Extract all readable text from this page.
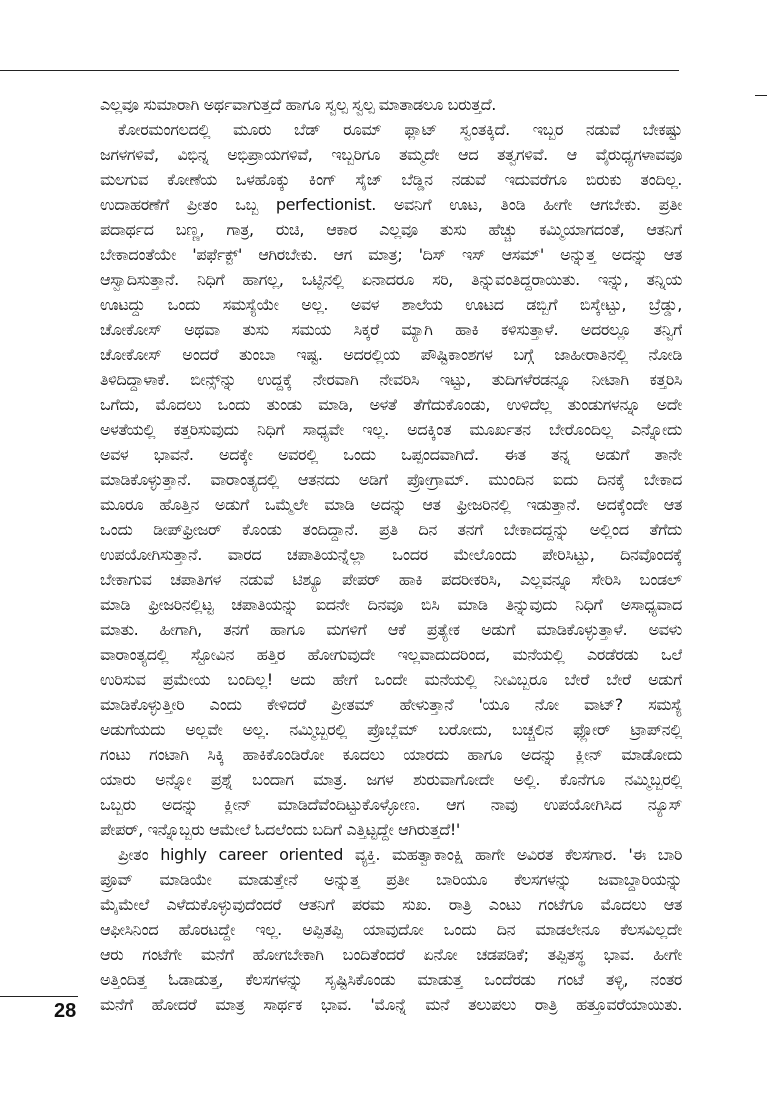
ಎಲ್ಲವೂ ಸುಮಾರಾಗಿ ಅರ್ಥವಾಗುತ್ತದೆ ಹಾಗೂ ಸ್ವಲ್ಪ ಸ್ವಲ್ಪ ಮಾತಾಡಲೂ ಬರುತ್ತದೆ.
ಕೋರಮಂಗಲದಲ್ಲಿ ಮೂರು ಬೆಡ್ ರೂಮ್ ಫ್ಲಾಟ್ ಸ್ವಂತಕ್ಕಿದೆ. ಇಬ್ಬರ ನಡುವೆ ಬೇಕಷ್ಟು
ಜಗಳಗಳಿವೆ, ವಿಭಿನ್ನ ಅಭಿಪ್ರಾಯಗಳಿವೆ, ಇಬ್ಬರಿಗೂ ತಮ್ಮದೇ ಆದ ತತ್ವಗಳಿವೆ. ಆ ವೈರುಧ್ಯಗಳಾವವೂ
ಮಲಗುವ ಕೋಣೆಯ ಒಳಹೊಕ್ಕು ಕಿಂಗ್ ಸೈಜ್ ಬೆಡ್ಡಿನ ನಡುವೆ ಇದುವರೆಗೂ ಬಿರುಕು ತಂದಿಲ್ಲ.
ಉದಾಹರಣೆಗೆ ಪ್ರೀತಂ ಒಬ್ಬ perfectionist. ಅವನಿಗೆ ಊಟ, ತಿಂಡಿ ಹೀಗೇ ಆಗಬೇಕು. ಪ್ರತೀ
ಪದಾರ್ಥದ ಬಣ್ಣ, ಗಾತ್ರ, ರುಚಿ, ಆಕಾರ ಎಲ್ಲವೂ ತುಸು ಹೆಚ್ಚು ಕಮ್ಮಿಯಾಗದಂತೆ, ಆತನಿಗೆ
ಬೇಕಾದಂತೆಯೇ 'ಪರ್ಫೆಕ್ಟ್' ಆಗಿರಬೇಕು. ಆಗ ಮಾತ್ರ; 'ದಿಸ್ ಇಸ್ ಆಸಮ್' ಅನ್ನುತ್ತ ಅದನ್ನು ಆತ
ಆಸ್ವಾದಿಸುತ್ತಾನೆ. ನಿಧಿಗೆ ಹಾಗಲ್ಲ, ಒಟ್ಟಿನಲ್ಲಿ ಏನಾದರೂ ಸರಿ, ತಿನ್ನುವಂತಿದ್ದರಾಯಿತು. ಇನ್ನು, ತನ್ನಿಯ
ಊಟದ್ದು ಒಂದು ಸಮಸ್ಯೆಯೇ ಅಲ್ಲ. ಅವಳ ಶಾಲೆಯ ಊಟದ ಡಬ್ಬಿಗೆ ಬಿಸ್ಕೇಟ್ಟು, ಬ್ರೆಡ್ಡು,
ಚೋಕೋಸ್ ಅಥವಾ ತುಸು ಸಮಯ ಸಿಕ್ಕರೆ ಮ್ಯಾಗಿ ಹಾಕಿ ಕಳಿಸುತ್ತಾಳೆ. ಅದರಲ್ಲೂ ತನ್ವಿಗೆ
ಚೋಕೋಸ್ ಅಂದರೆ ತುಂಬಾ ಇಷ್ಟ. ಅದರಲ್ಲಿಯ ಪೌಷ್ಟಿಕಾಂಶಗಳ ಬಗ್ಗೆ ಜಾಹೀರಾತಿನಲ್ಲಿ ನೋಡಿ
ತಿಳಿದಿದ್ದಾಳಾಕೆ. ಬೀನ್ಸ್‌ನ್ನು ಉದ್ದಕ್ಕೆ ನೇರವಾಗಿ ನೇವರಿಸಿ ಇಟ್ಟು, ತುದಿಗಳೆರಡನ್ನೂ ನೀಟಾಗಿ ಕತ್ತರಿಸಿ
ಒಗೆದು, ಮೊದಲು ಒಂದು ತುಂಡು ಮಾಡಿ, ಅಳತೆ ತೆಗೆದುಕೊಂಡು, ಉಳಿದೆಲ್ಲ ತುಂಡುಗಳನ್ನೂ ಅದೇ
ಅಳತೆಯಲ್ಲಿ ಕತ್ತರಿಸುವುದು ನಿಧಿಗೆ ಸಾಧ್ಯವೇ ಇಲ್ಲ. ಅದಕ್ಕಿಂತ ಮೂರ್ಖತನ ಬೇರೊಂದಿಲ್ಲ ಎನ್ನೋದು
ಅವಳ ಭಾವನೆ. ಅದಕ್ಕೇ ಅವರಲ್ಲಿ ಒಂದು ಒಪ್ಪಂದವಾಗಿದೆ. ಈತ ತನ್ನ ಅಡುಗೆ ತಾನೇ
ಮಾಡಿಕೊಳ್ಳುತ್ತಾನೆ. ವಾರಾಂತ್ಯದಲ್ಲಿ ಆತನದು ಅಡಿಗೆ ಪ್ರೋಗ್ರಾಮ್. ಮುಂದಿನ ಐದು ದಿನಕ್ಕೆ ಬೇಕಾದ
ಮೂರೂ ಹೊತ್ತಿನ ಅಡುಗೆ ಒಮ್ಮೆಲೇ ಮಾಡಿ ಅದನ್ನು ಆತ ಫ್ರೀಜರಿನಲ್ಲಿ ಇಡುತ್ತಾನೆ. ಅದಕ್ಕೆಂದೇ ಆತ
ಒಂದು ಡೀಪ್‌ಫ್ರೀಜರ್ ಕೊಂಡು ತಂದಿದ್ದಾನೆ. ಪ್ರತಿ ದಿನ ತನಗೆ ಬೇಕಾದದ್ದನ್ನು ಅಲ್ಲಿಂದ ತೆಗೆದು
ಉಪಯೋಗಿಸುತ್ತಾನೆ. ವಾರದ ಚಪಾತಿಯನ್ನೆಲ್ಲಾ ಒಂದರ ಮೇಲೊಂದು ಪೇರಿಸಿಟ್ಟು, ದಿನವೊಂದಕ್ಕೆ
ಬೇಕಾಗುವ ಚಪಾತಿಗಳ ನಡುವೆ ಟಿಶ್ಯೂ ಪೇಪರ್ ಹಾಕಿ ಪದರೀಕರಿಸಿ, ಎಲ್ಲವನ್ನೂ ಸೇರಿಸಿ ಬಂಡಲ್
ಮಾಡಿ ಫ್ರೀಜರಿನಲ್ಲಿಟ್ಟ ಚಪಾತಿಯನ್ನು ಐದನೇ ದಿನವೂ ಬಿಸಿ ಮಾಡಿ ತಿನ್ನುವುದು ನಿಧಿಗೆ ಅಸಾಧ್ಯವಾದ
ಮಾತು. ಹೀಗಾಗಿ, ತನಗೆ ಹಾಗೂ ಮಗಳಿಗೆ ಆಕೆ ಪ್ರತ್ಯೇಕ ಅಡುಗೆ ಮಾಡಿಕೊಳ್ಳುತ್ತಾಳೆ. ಅವಳು
ವಾರಾಂತ್ಯದಲ್ಲಿ ಸ್ಟೋವಿನ ಹತ್ತಿರ ಹೋಗುವುದೇ ಇಲ್ಲವಾದುದರಿಂದ, ಮನೆಯಲ್ಲಿ ಎರಡೆರಡು ಒಲೆ
ಉರಿಸುವ ಪ್ರಮೇಯ ಬಂದಿಲ್ಲ! ಅದು ಹೇಗೆ ಒಂದೇ ಮನೆಯಲ್ಲಿ ನೀವಿಬ್ಬರೂ ಬೇರೆ ಬೇರೆ ಅಡುಗೆ
ಮಾಡಿಕೊಳ್ಳುತ್ತೀರಿ ಎಂದು ಕೇಳಿದರೆ ಪ್ರೀತಮ್ ಹೇಳುತ್ತಾನೆ 'ಯೂ ನೋ ವಾಟ್? ಸಮಸ್ಯೆ
ಅಡುಗೆಯದು ಅಲ್ಲವೇ ಅಲ್ಲ. ನಮ್ಮಿಬ್ಬರಲ್ಲಿ ಪ್ರೊಬ್ಲೆಮ್ ಬರೋದು, ಬಚ್ಚಲಿನ ಫ್ಲೋರ್ ಟ್ರಾಪ್‌ನಲ್ಲಿ
ಗಂಟು ಗಂಟಾಗಿ ಸಿಕ್ಕಿ ಹಾಕಿಕೊಂಡಿರೋ ಕೂದಲು ಯಾರದು ಹಾಗೂ ಅದನ್ನು ಕ್ಲೀನ್ ಮಾಡೋದು
ಯಾರು ಅನ್ನೋ ಪ್ರಶ್ನೆ ಬಂದಾಗ ಮಾತ್ರ. ಜಗಳ ಶುರುವಾಗೋದೇ ಅಲ್ಲಿ. ಕೊನೆಗೂ ನಮ್ಮಿಬ್ಬರಲ್ಲಿ
ಒಬ್ಬರು ಅದನ್ನು ಕ್ಲೀನ್ ಮಾಡಿದೆವೆಂದಿಟ್ಟುಕೊಳ್ಳೋಣ. ಆಗ ನಾವು ಉಪಯೋಗಿಸಿದ ನ್ಯೂಸ್
ಪೇಪರ್, ಇನ್ನೊಬ್ಬರು ಆಮೇಲೆ ಓದಲೆಂದು ಬದಿಗೆ ಎತ್ತಿಟ್ಟದ್ದೇ ಆಗಿರುತ್ತದೆ!'
ಪ್ರೀತಂ highly career oriented ವ್ಯಕ್ತಿ. ಮಹತ್ವಾಕಾಂಕ್ಷಿ ಹಾಗೇ ಅವಿರತ ಕೆಲಸಗಾರ. 'ಈ ಬಾರಿ
ಪ್ರೂವ್ ಮಾಡಿಯೇ ಮಾಡುತ್ತೇನೆ ಅನ್ನುತ್ತ ಪ್ರತೀ ಬಾರಿಯೂ ಕೆಲಸಗಳನ್ನು ಜವಾಬ್ದಾರಿಯನ್ನು
ಮೈಮೇಲೆ ಎಳೆದುಕೊಳ್ಳುವುದೆಂದರೆ ಆತನಿಗೆ ಪರಮ ಸುಖ. ರಾತ್ರಿ ಎಂಟು ಗಂಟೆಗೂ ಮೊದಲು ಆತ
ಆಫೀಸಿನಿಂದ ಹೊರಟದ್ದೇ ಇಲ್ಲ. ಅಪ್ಪಿತಪ್ಪಿ ಯಾವುದೋ ಒಂದು ದಿನ ಮಾಡಲೇನೂ ಕೆಲಸವಿಲ್ಲದೇ
ಆರು ಗಂಟೆಗೇ ಮನೆಗೆ ಹೋಗಬೇಕಾಗಿ ಬಂದಿತೆಂದರೆ ಏನೋ ಚಡಪಡಿಕೆ; ತಪ್ಪಿತಸ್ಥ ಭಾವ. ಹೀಗೇ
ಅತ್ತಿಂದಿತ್ತ ಓಡಾಡುತ್ತ, ಕೆಲಸಗಳನ್ನು ಸೃಷ್ಟಿಸಿಕೊಂಡು ಮಾಡುತ್ತ ಒಂದೆರಡು ಗಂಟೆ ತಳ್ಳಿ, ನಂತರ
ಮನೆಗೆ ಹೋದರೆ ಮಾತ್ರ ಸಾರ್ಥಕ ಭಾವ. 'ಮೊನ್ನೆ ಮನೆ ತಲುಪಲು ರಾತ್ರಿ ಹತ್ತೂವರೆಯಾಯಿತು.
28
